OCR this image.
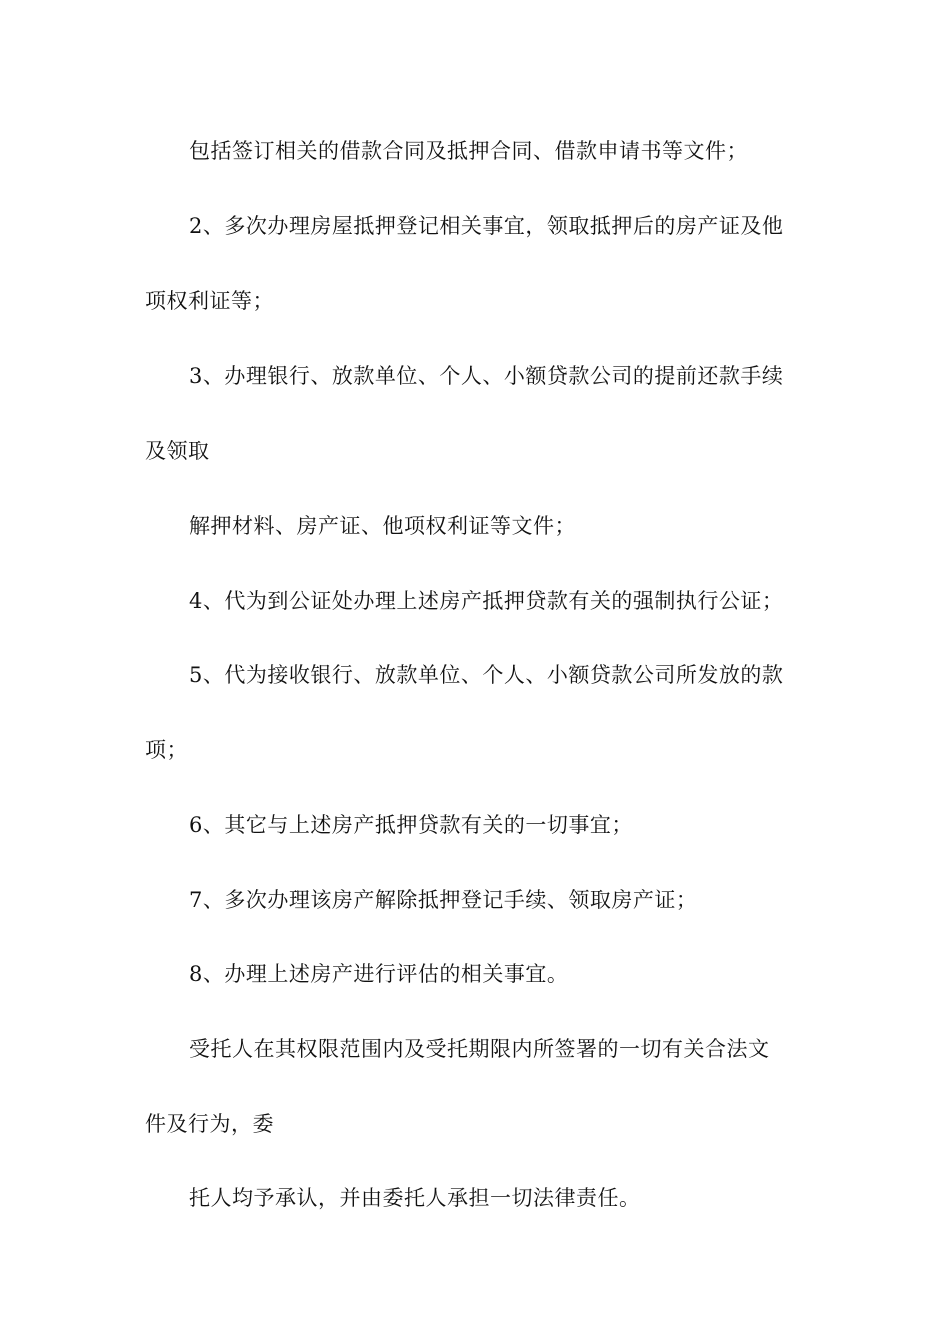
包括签订相关的借款合同及抵押合同、借款申请书等文件；
2、多次办理房屋抵押登记相关事宜，领取抵押后的房产证及他
项权利证等；
3、办理银行、放款单位、个人、小额贷款公司的提前还款手续
及领取
解押材料、房产证、他项权利证等文件；
4、代为到公证处办理上述房产抵押贷款有关的强制执行公证；
5、代为接收银行、放款单位、个人、小额贷款公司所发放的款
项；
6、其它与上述房产抵押贷款有关的一切事宜；
7、多次办理该房产解除抵押登记手续、领取房产证；
8、办理上述房产进行评估的相关事宜。
受托人在其权限范围内及受托期限内所签署的一切有关合法文
件及行为，委
托人均予承认，并由委托人承担一切法律责任。
